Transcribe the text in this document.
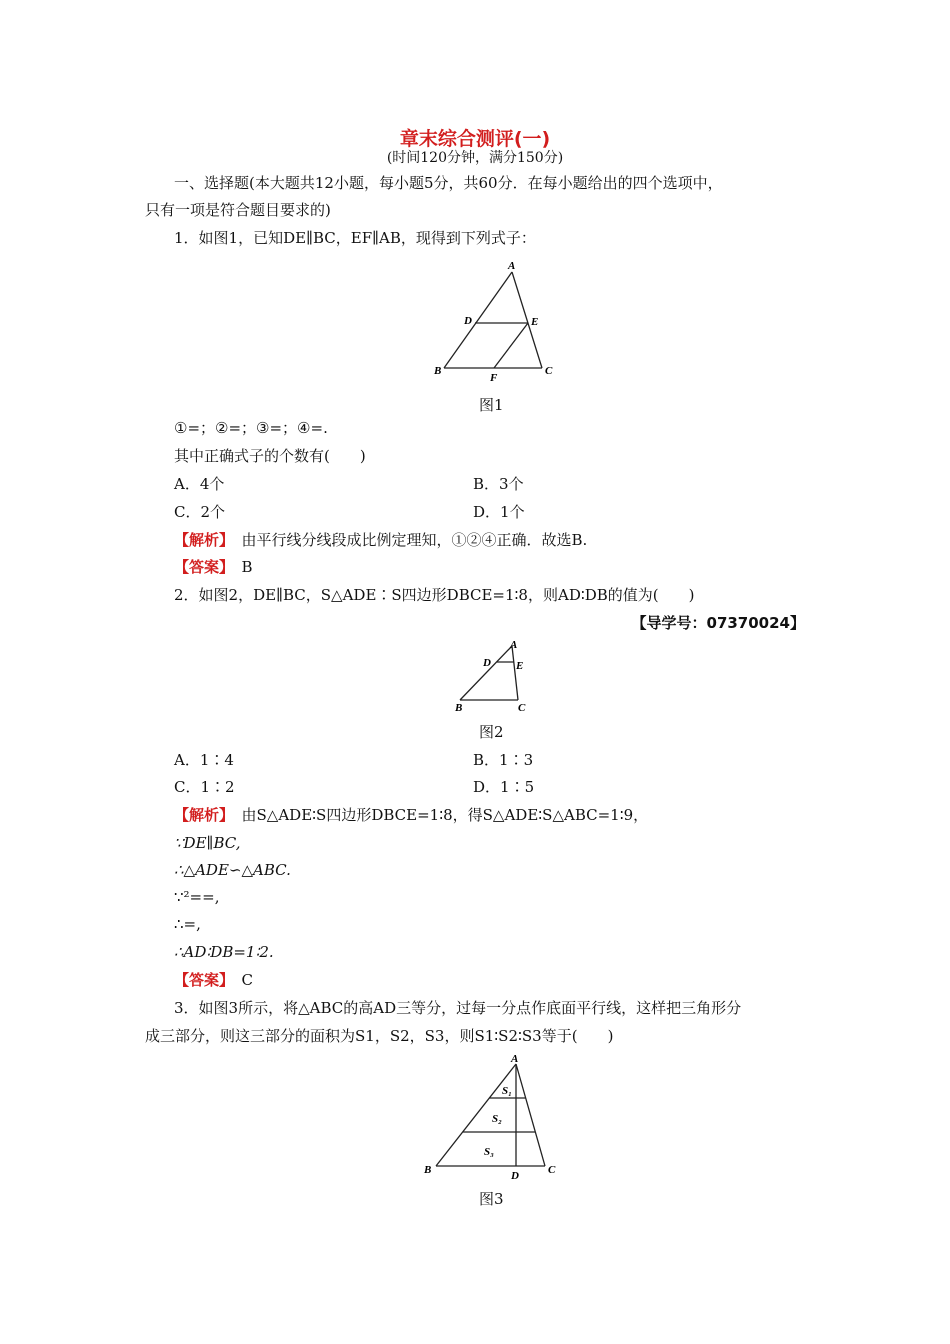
章末综合测评(一)
(时间120分钟，满分150分)
一、选择题(本大题共12小题，每小题5分，共60分．在每小题给出的四个选项中，
只有一项是符合题目要求的)
1．如图1，已知DE∥BC，EF∥AB，现得到下列式子：
A
D	E
B
F
C
图1
①=；②=；③=；④=.
其中正确式子的个数有(　　)
A．4个	B．3个
C．2个	D．1个
【解析】　 由平行线分线段成比例定理知，①②④正确．故选B.
【答案】　 B
2．如图2，DE∥BC，S△ADE∶S四边形DBCE=1∶8，则AD∶DB的值为(　　)
【导学号：07370024】
A
D E
B	C
图2
A．1∶4	B．1∶3
C．1∶2	D．1∶5
【解析】　 由S△ADE∶S四边形DBCE=1∶8，得S△ADE∶S△ABC=1∶9，
∵DE∥BC,
∴△ADE∽△ABC.
∵²==,
∴=,
∴AD∶DB=1∶2.
【答案】　 C
3．如图3所示，将△ABC的高AD三等分，过每一分点作底面平行线，这样把三角形分
成三部分，则这三部分的面积为S1，S2，S3，则S1∶S2∶S3等于(　　)
A
S₁
S₂
S₃
B	D	C
图3
